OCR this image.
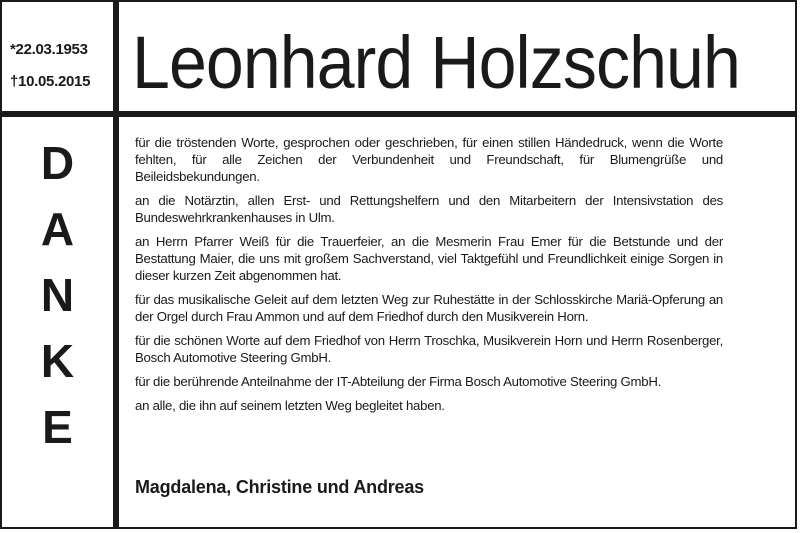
*22.03.1953
†10.05.2015 Leonhard Holzschuh
D
A
N
K
E

für die tröstenden Worte, gesprochen oder geschrieben, für einen stillen Händedruck, wenn die Worte fehlten, für alle Zeichen der Verbundenheit und Freundschaft, für Blumengrüße und Beileidsbekundungen.

an die Notärztin, allen Erst- und Rettungshelfern und den Mitarbeitern der Intensivstation des Bundeswehrkrankenhauses in Ulm.

an Herrn Pfarrer Weiß für die Trauerfeier, an die Mesmerin Frau Emer für die Betstunde und der Bestattung Maier, die uns mit großem Sachverstand, viel Taktgefühl und Freundlichkeit einige Sorgen in dieser kurzen Zeit abgenommen hat.

für das musikalische Geleit auf dem letzten Weg zur Ruhestätte in der Schlosskirche Mariä-Opferung an der Orgel durch Frau Ammon und auf dem Friedhof durch den Musikverein Horn.

für die schönen Worte auf dem Friedhof von Herrn Troschka, Musikverein Horn und Herrn Rosenberger, Bosch Automotive Steering GmbH.

für die berührende Anteilnahme der IT-Abteilung der Firma Bosch Automotive Steering GmbH.

an alle, die ihn auf seinem letzten Weg begleitet haben.

Magdalena, Christine und Andreas
